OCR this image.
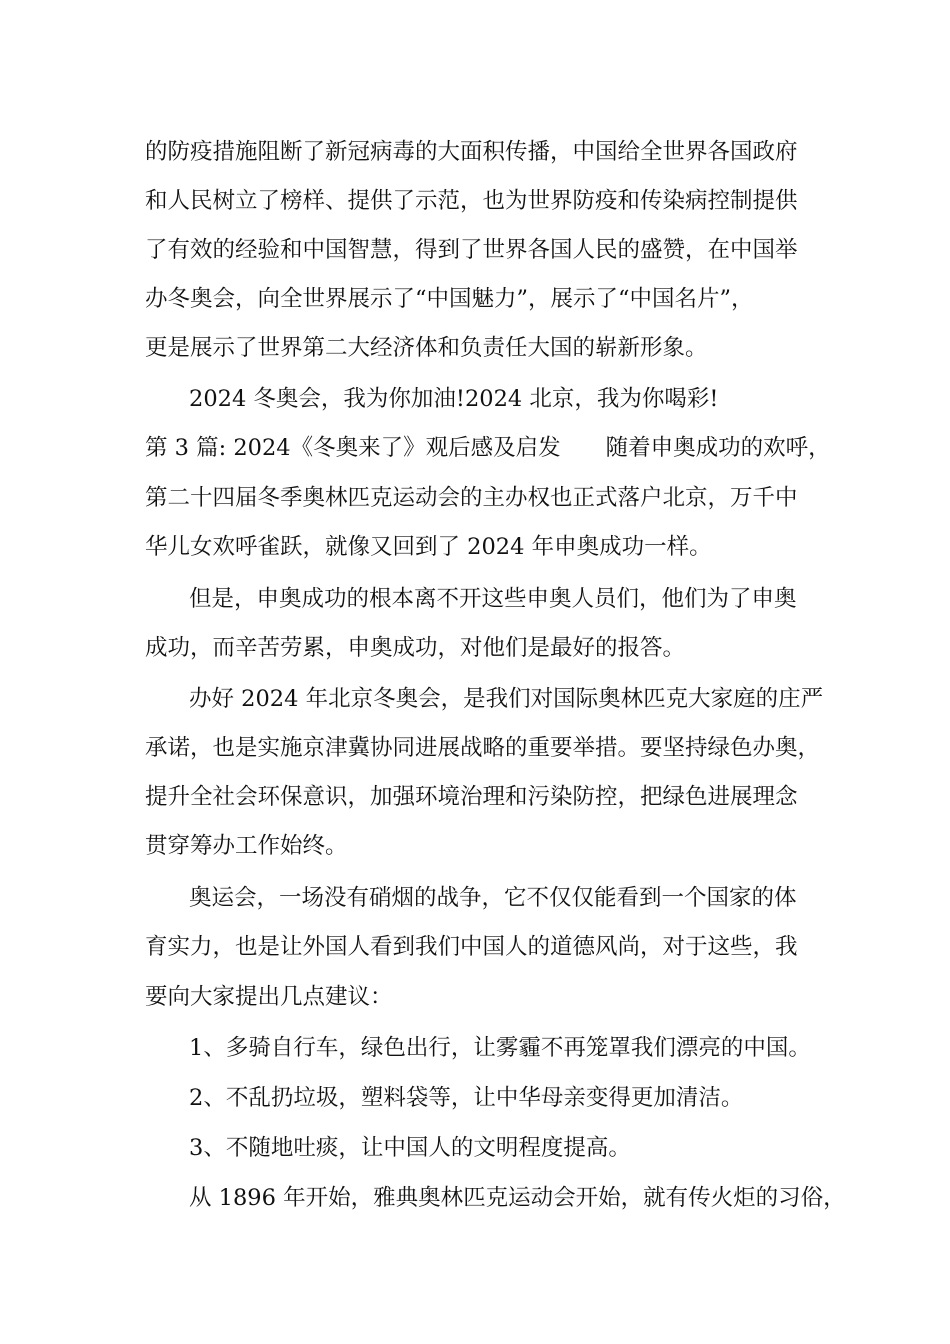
的防疫措施阻断了新冠病毒的大面积传播，中国给全世界各国政府
和人民树立了榜样、提供了示范，也为世界防疫和传染病控制提供
了有效的经验和中国智慧，得到了世界各国人民的盛赞，在中国举
办冬奥会，向全世界展示了“中国魅力”，展示了“中国名片”，
更是展示了世界第二大经济体和负责任大国的崭新形象。
2024 冬奥会，我为你加油!2024 北京，我为你喝彩!
第 3 篇: 2024《冬奥来了》观后感及启发　　随着申奥成功的欢呼，
第二十四届冬季奥林匹克运动会的主办权也正式落户北京，万千中
华儿女欢呼雀跃，就像又回到了 2024 年申奥成功一样。
但是，申奥成功的根本离不开这些申奥人员们，他们为了申奥
成功，而辛苦劳累，申奥成功，对他们是最好的报答。
办好 2024 年北京冬奥会，是我们对国际奥林匹克大家庭的庄严
承诺，也是实施京津冀协同进展战略的重要举措。要坚持绿色办奥，
提升全社会环保意识，加强环境治理和污染防控，把绿色进展理念
贯穿筹办工作始终。
奥运会，一场没有硝烟的战争，它不仅仅能看到一个国家的体
育实力，也是让外国人看到我们中国人的道德风尚，对于这些，我
要向大家提出几点建议：
1、多骑自行车，绿色出行，让雾霾不再笼罩我们漂亮的中国。
2、不乱扔垃圾，塑料袋等，让中华母亲变得更加清洁。
3、不随地吐痰，让中国人的文明程度提高。
从 1896 年开始，雅典奥林匹克运动会开始，就有传火炬的习俗，
